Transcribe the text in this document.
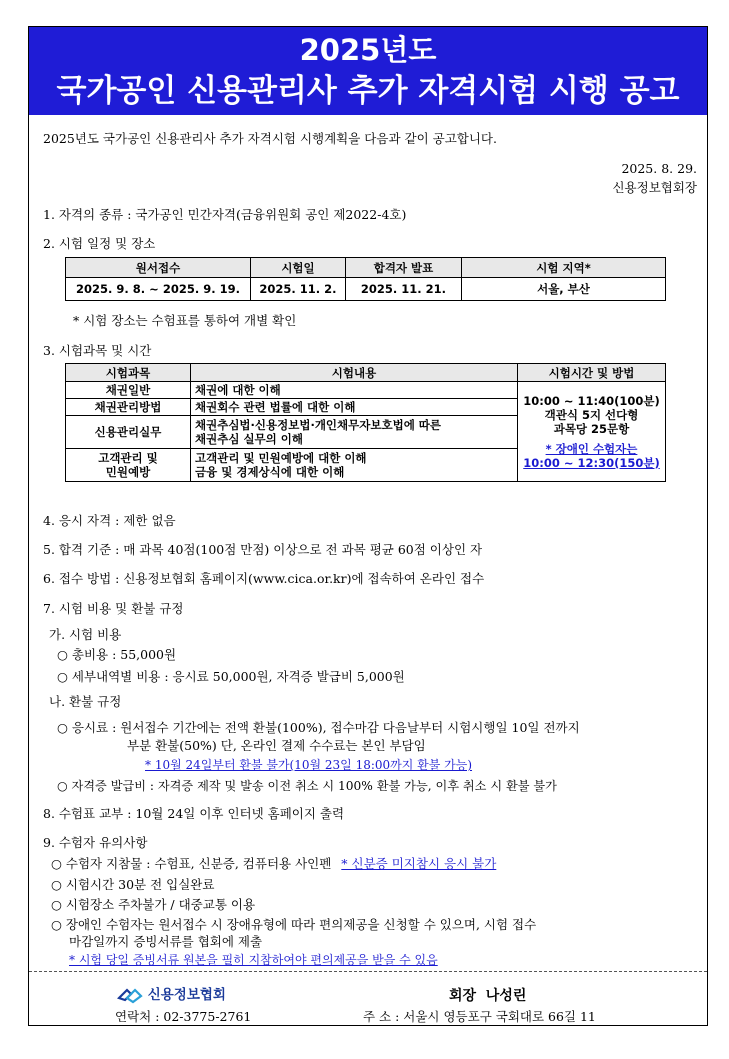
2025년도
국가공인 신용관리사 추가 자격시험 시행 공고
2025년도 국가공인 신용관리사 추가 자격시험 시행계획을 다음과 같이 공고합니다.
2025. 8. 29.
신용정보협회장
1. 자격의 종류 : 국가공인 민간자격(금융위원회 공인 제2022-4호)
2. 시험 일정 및 장소
원서접수	시험일	합격자 발표	시험 지역*
2025. 9. 8. ~ 2025. 9. 19.	2025. 11. 2.	2025. 11. 21.	서울, 부산
* 시험 장소는 수험표를 통하여 개별 확인
3. 시험과목 및 시간
시험과목	시험내용	시험시간 및 방법
채권일반	채권에 대한 이해	10:00 ~ 11:40(100분)
객관식 5지 선다형
과목당 25문항
* 장애인 수험자는
10:00 ~ 12:30(150분)

채권관리방법	채권회수 관련 법률에 대한 이해	
신용관리실무	채권추심법·신용정보법·개인채무자보호법에 따른
채권추심 실무의 이해	
고객관리 및
민원예방	고객관리 및 민원예방에 대한 이해
금융 및 경제상식에 대한 이해	
4. 응시 자격 : 제한 없음
5. 합격 기준 : 매 과목 40점(100점 만점) 이상으로 전 과목 평균 60점 이상인 자
6. 접수 방법 : 신용정보협회 홈페이지(www.cica.or.kr)에 접속하여 온라인 접수
7. 시험 비용 및 환불 규정
가. 시험 비용
○ 총비용 : 55,000원
○ 세부내역별 비용 : 응시료 50,000원, 자격증 발급비 5,000원
나. 환불 규정
○ 응시료 : 원서접수 기간에는 전액 환불(100%), 접수마감 다음날부터 시험시행일 10일 전까지
부분 환불(50%) 단, 온라인 결제 수수료는 본인 부담임
* 10월 24일부터 환불 불가(10월 23일 18:00까지 환불 가능)
○ 자격증 발급비 : 자격증 제작 및 발송 이전 취소 시 100% 환불 가능, 이후 취소 시 환불 불가
8. 수험표 교부 : 10월 24일 이후 인터넷 홈페이지 출력
9. 수험자 유의사항
○ 수험자 지참물 : 수험표, 신분증, 컴퓨터용 사인펜 * 신분증 미지참시 응시 불가
○ 시험시간 30분 전 입실완료
○ 시험장소 주차불가 / 대중교통 이용
○ 장애인 수험자는 원서접수 시 장애유형에 따라 편의제공을 신청할 수 있으며, 시험 접수
마감일까지 증빙서류를 협회에 제출
* 시험 당일 증빙서류 원본을 필히 지참하여야 편의제공을 받을 수 있음
신용정보협회	회장  나성린
연락처 : 02-3775-2761	주 소 : 서울시 영등포구 국회대로 66길 11
